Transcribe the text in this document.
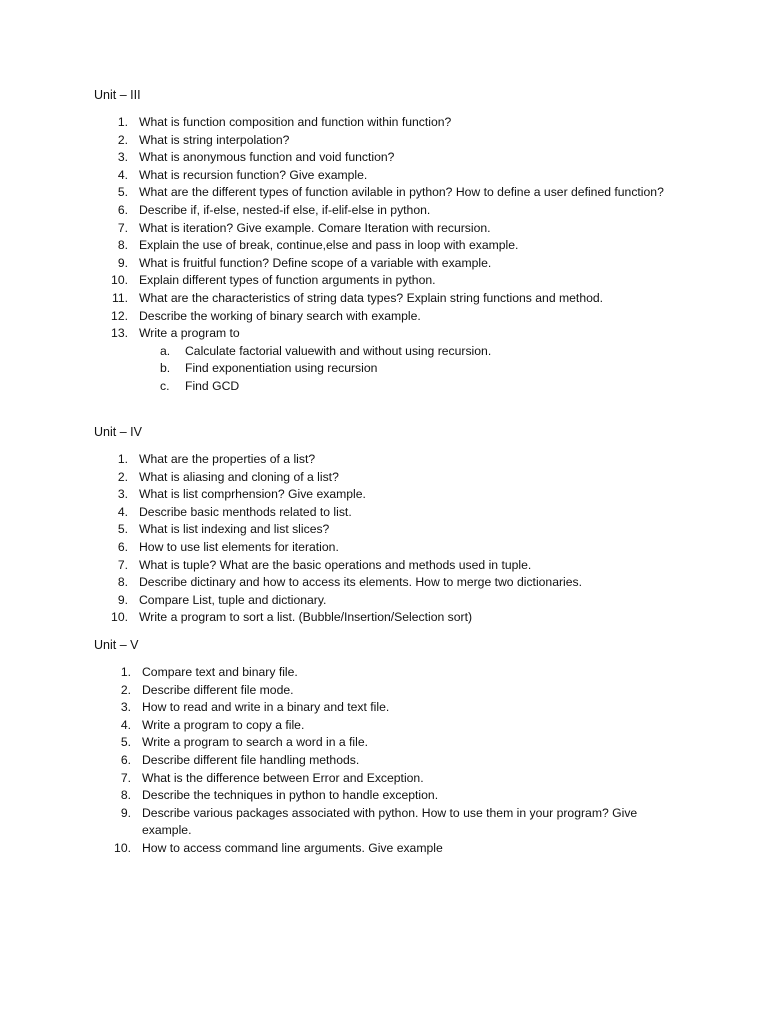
Unit – III
1. What is function composition and function within function?
2. What is string interpolation?
3. What is anonymous function and void function?
4. What is recursion function? Give example.
5. What are the different types of function avilable in python? How to define a user defined function?
6. Describe if, if-else, nested-if else, if-elif-else in python.
7. What is iteration? Give example. Comare Iteration with recursion.
8. Explain the use of break, continue,else and pass in loop with example.
9. What is fruitful function? Define scope of a variable with example.
10. Explain different types of function arguments in python.
11. What are the characteristics of string data types? Explain string functions and method.
12. Describe the working of binary search with example.
13. Write a program to
a.	Calculate factorial valuewith and without using recursion.
b.	Find exponentiation using recursion
c.	Find GCD
Unit – IV
1. What are the properties of a list?
2. What is aliasing and cloning of a list?
3. What is list comprhension? Give example.
4. Describe basic menthods related to list.
5. What is list indexing and list slices?
6. How to use list elements for iteration.
7. What is tuple? What are the basic operations and methods used in tuple.
8. Describe dictinary and how to access its elements. How to merge two dictionaries.
9. Compare List, tuple and dictionary.
10. Write a program to sort a list. (Bubble/Insertion/Selection sort)
Unit – V
1. Compare text and binary file.
2. Describe different file mode.
3. How to read and write in a binary and text file.
4. Write a program to copy a file.
5. Write a program to search a word in a file.
6. Describe different file handling methods.
7. What is the difference between Error and Exception.
8. Describe the techniques in python to handle exception.
9. Describe various packages associated with python. How to use them in your program? Give example.
10. How to access command line arguments. Give example
